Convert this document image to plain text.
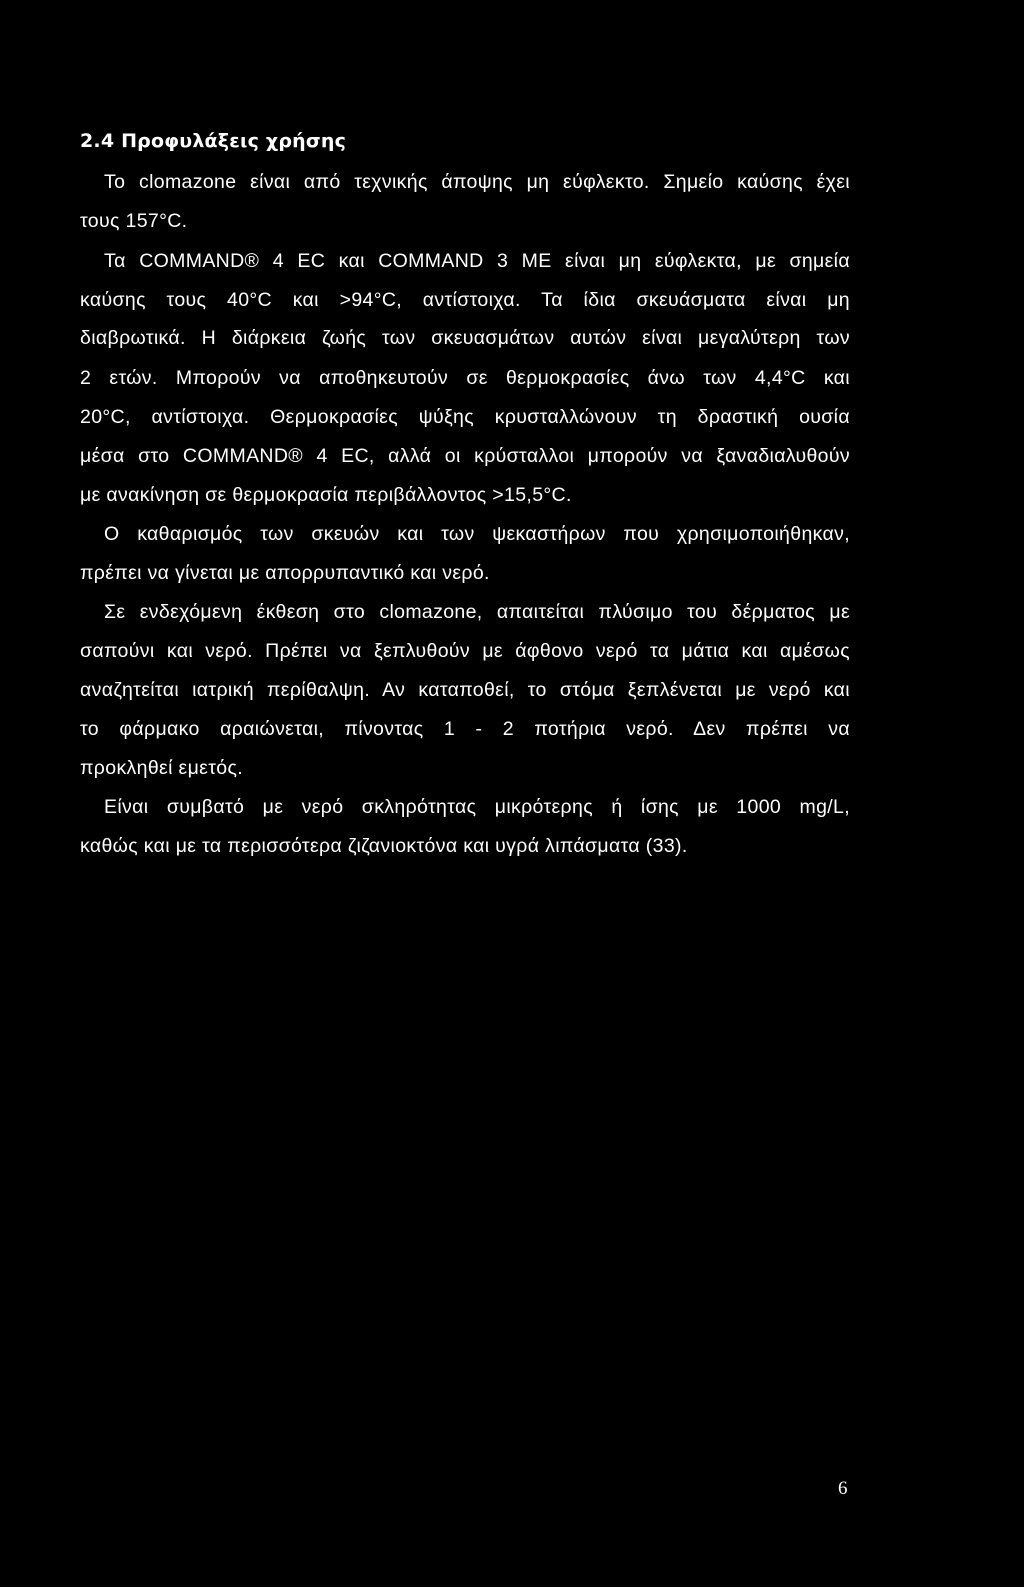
2.4 Προφυλάξεις χρήσης
Το clomazone είναι από τεχνικής άποψης μη εύφλεκτο. Σημείο καύσης έχει
τους 157°C.
Τα COMMAND® 4 EC και COMMAND 3 ME είναι μη εύφλεκτα, με σημεία
καύσης τους 40°C και >94°C, αντίστοιχα. Τα ίδια σκευάσματα είναι μη
διαβρωτικά. Η διάρκεια ζωής των σκευασμάτων αυτών είναι μεγαλύτερη των
2 ετών. Μπορούν να αποθηκευτούν σε θερμοκρασίες άνω των 4,4°C και
20°C, αντίστοιχα. Θερμοκρασίες ψύξης κρυσταλλώνουν τη δραστική ουσία
μέσα στο COMMAND® 4 EC, αλλά οι κρύσταλλοι μπορούν να ξαναδιαλυθούν
με ανακίνηση σε θερμοκρασία περιβάλλοντος >15,5°C.
Ο καθαρισμός των σκευών και των ψεκαστήρων που χρησιμοποιήθηκαν,
πρέπει να γίνεται με απορρυπαντικό και νερό.
Σε ενδεχόμενη έκθεση στο clomazone, απαιτείται πλύσιμο του δέρματος με
σαπούνι και νερό. Πρέπει να ξεπλυθούν με άφθονο νερό τα μάτια και αμέσως
αναζητείται ιατρική περίθαλψη. Αν καταποθεί, το στόμα ξεπλένεται με νερό και
το φάρμακο αραιώνεται, πίνοντας 1 - 2 ποτήρια νερό. Δεν πρέπει να
προκληθεί εμετός.
Είναι συμβατό με νερό σκληρότητας μικρότερης ή ίσης με 1000 mg/L,
καθώς και με τα περισσότερα ζιζανιοκτόνα και υγρά λιπάσματα (33).
6
